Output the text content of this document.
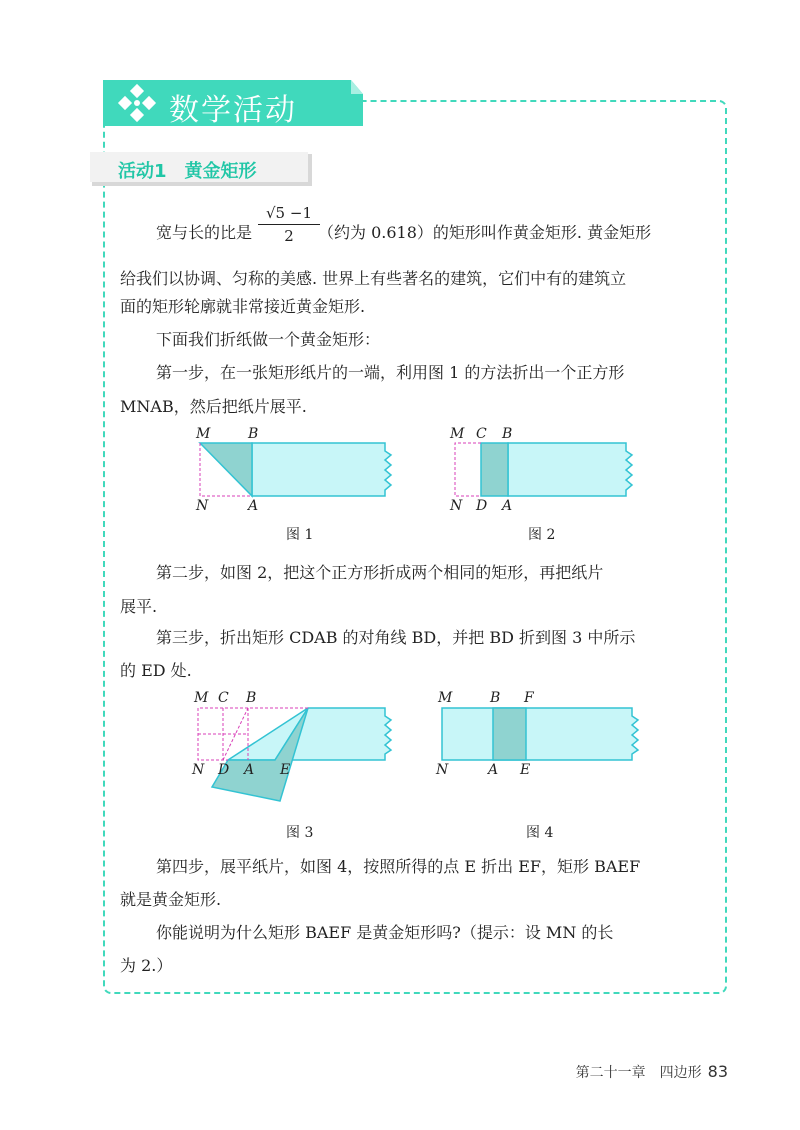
数学活动
活动1　黄金矩形
宽与长的比是	（约为 0.618）的矩形叫作黄金矩形. 黄金矩形
$\frac{√5 -1}{2}$
给我们以协调、匀称的美感. 世界上有些著名的建筑，它们中有的建筑立
面的矩形轮廓就非常接近黄金矩形.
下面我们折纸做一个黄金矩形：
第一步，在一张矩形纸片的一端，利用图 1 的方法折出一个正方形
MNAB，然后把纸片展平.
M	B
N	A
图 1
M C B
N D A
图 2
第二步，如图 2，把这个正方形折成两个相同的矩形，再把纸片
展平.
第三步，折出矩形 CDAB 的对角线 BD，并把 BD 折到图 3 中所示
的 ED 处.
M C B
N D A E
图 3
M	B F
N	A E
图 4
第四步，展平纸片，如图 4，按照所得的点 E 折出 EF，矩形 BAEF
就是黄金矩形.
你能说明为什么矩形 BAEF 是黄金矩形吗?（提示：设 MN 的长
为 2.）
第二十一章　四边形 83
